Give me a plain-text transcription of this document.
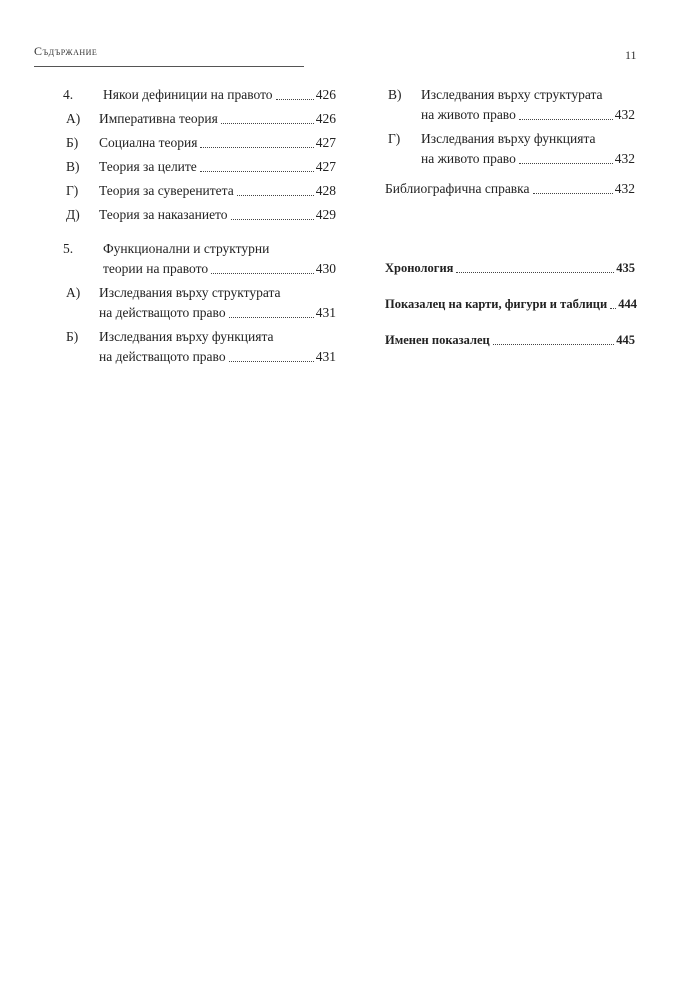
Съдържание	11
4.	Някои дефиниции на правото	426
А)	Императивна теория	426
Б)	Социална теория	427
В)	Теория за целите	427
Г)	Теория за суверенитета	428
Д)	Теория за наказанието	429
5.	Функционални и структурни
теории на правото	430
А)	Изследвания върху структурата
на действащото право	431
Б)	Изследвания върху функцията
на действащото право	431
В)	Изследвания върху структурата
на живото право	432
Г)	Изследвания върху функцията
на живото право	432
Библиографична справка	432
Хронология	435
Показалец на карти, фигури и таблици 444
Именен показалец	445
